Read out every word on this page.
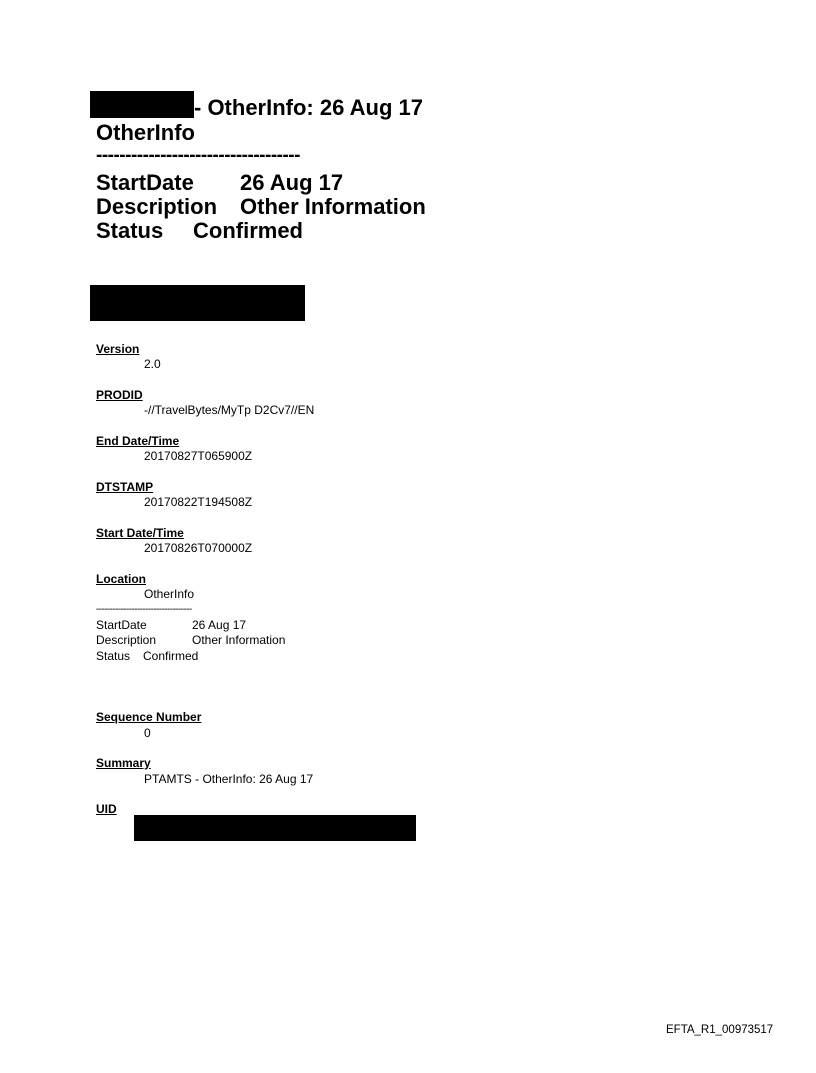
- OtherInfo: 26 Aug 17
OtherInfo
-----------------------------------
StartDate 26 Aug 17
Description Other Information
Status Confirmed
Version
2.0
PRODID
-//TravelBytes/MyTp D2Cv7//EN
End Date/Time
20170827T065900Z
DTSTAMP
20170822T194508Z
Start Date/Time
20170826T070000Z
Location
OtherInfo
-----------------------------------
StartDate	26 Aug 17
Description	Other Information
Status Confirmed
Sequence Number
0
Summary
PTAMTS - OtherInfo: 26 Aug 17
UID
EFTA_R1_00973517
